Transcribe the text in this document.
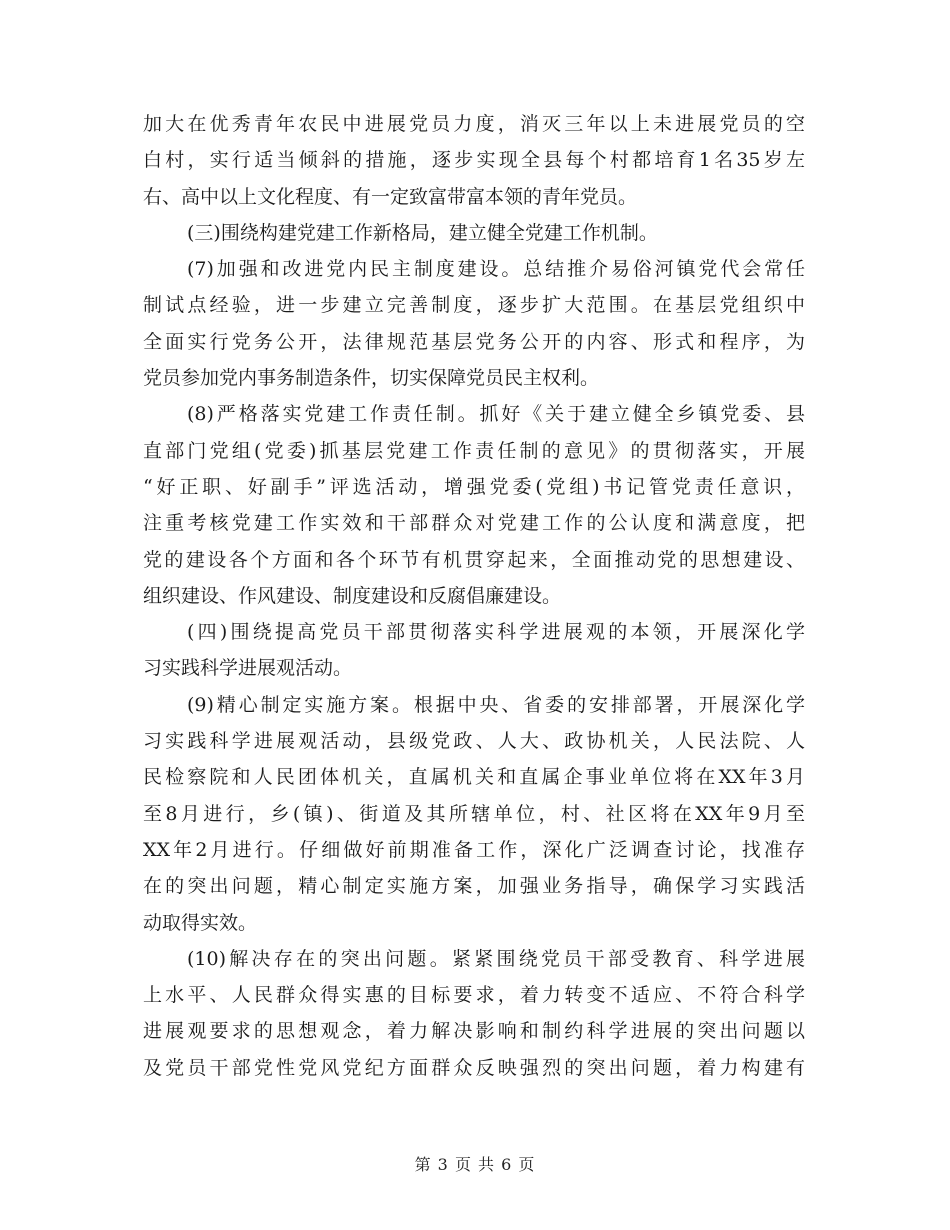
加大在优秀青年农民中进展党员力度，消灭三年以上未进展党员的空
白村，实行适当倾斜的措施，逐步实现全县每个村都培育1名35岁左
右、高中以上文化程度、有一定致富带富本领的青年党员。
(三)围绕构建党建工作新格局，建立健全党建工作机制。
(7)加强和改进党内民主制度建设。总结推介易俗河镇党代会常任
制试点经验，进一步建立完善制度，逐步扩大范围。在基层党组织中
全面实行党务公开，法律规范基层党务公开的内容、形式和程序，为
党员参加党内事务制造条件，切实保障党员民主权利。
(8)严格落实党建工作责任制。抓好《关于建立健全乡镇党委、县
直部门党组(党委)抓基层党建工作责任制的意见》的贯彻落实，开展
“好正职、好副手”评选活动，增强党委(党组)书记管党责任意识，
注重考核党建工作实效和干部群众对党建工作的公认度和满意度，把
党的建设各个方面和各个环节有机贯穿起来，全面推动党的思想建设、
组织建设、作风建设、制度建设和反腐倡廉建设。
(四)围绕提高党员干部贯彻落实科学进展观的本领，开展深化学
习实践科学进展观活动。
(9)精心制定实施方案。根据中央、省委的安排部署，开展深化学
习实践科学进展观活动，县级党政、人大、政协机关，人民法院、人
民检察院和人民团体机关，直属机关和直属企事业单位将在XX年3月
至8月进行，乡(镇)、街道及其所辖单位，村、社区将在XX年9月至
XX年2月进行。仔细做好前期准备工作，深化广泛调查讨论，找准存
在的突出问题，精心制定实施方案，加强业务指导，确保学习实践活
动取得实效。
(10)解决存在的突出问题。紧紧围绕党员干部受教育、科学进展
上水平、人民群众得实惠的目标要求，着力转变不适应、不符合科学
进展观要求的思想观念，着力解决影响和制约科学进展的突出问题以
及党员干部党性党风党纪方面群众反映强烈的突出问题，着力构建有
第 3 页 共 6 页
